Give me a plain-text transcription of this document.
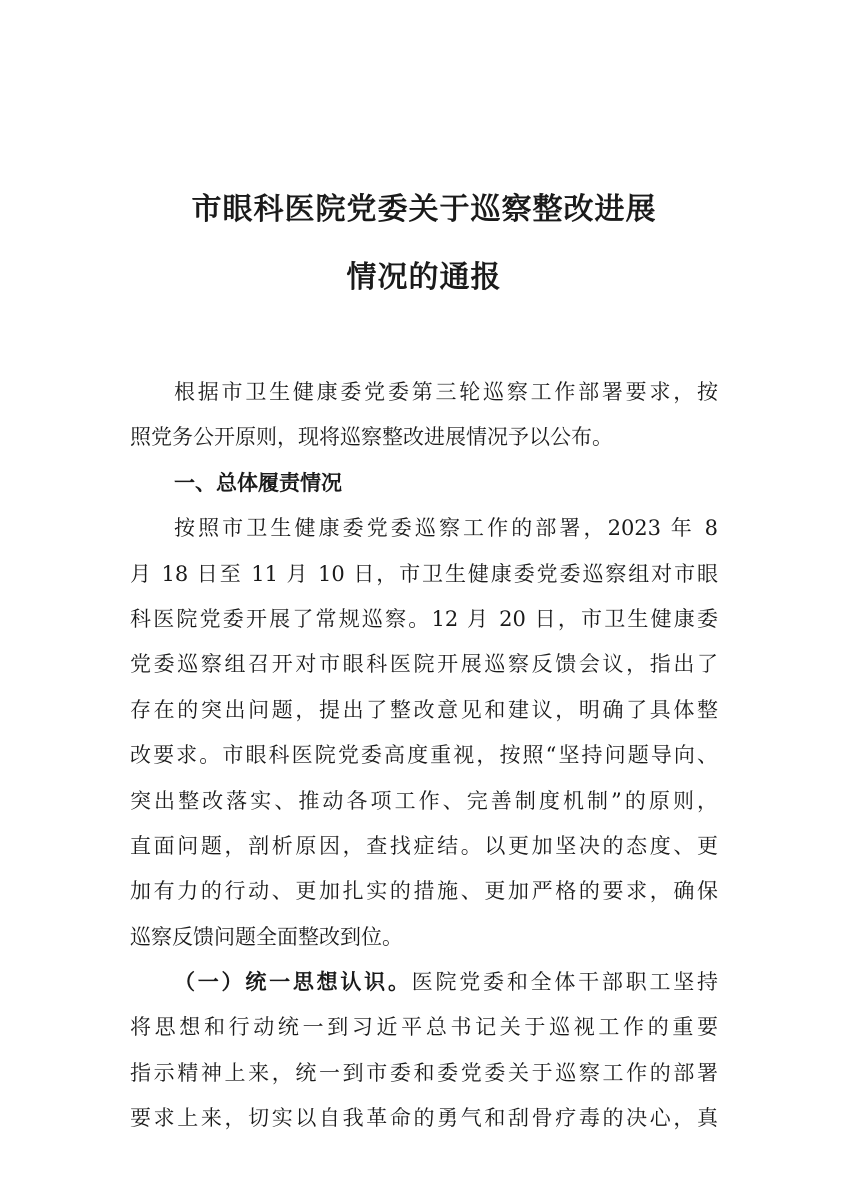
市眼科医院党委关于巡察整改进展
情况的通报
根据市卫生健康委党委第三轮巡察工作部署要求，按
照党务公开原则，现将巡察整改进展情况予以公布。
一、总体履责情况
按照市卫生健康委党委巡察工作的部署，2023 年 8
月 18 日至 11 月 10 日，市卫生健康委党委巡察组对市眼
科医院党委开展了常规巡察。12 月 20 日，市卫生健康委
党委巡察组召开对市眼科医院开展巡察反馈会议，指出了
存在的突出问题，提出了整改意见和建议，明确了具体整
改要求。市眼科医院党委高度重视，按照“坚持问题导向、
突出整改落实、推动各项工作、完善制度机制”的原则，
直面问题，剖析原因，查找症结。以更加坚决的态度、更
加有力的行动、更加扎实的措施、更加严格的要求，确保
巡察反馈问题全面整改到位。
（一）统一思想认识。医院党委和全体干部职工坚持
将思想和行动统一到习近平总书记关于巡视工作的重要
指示精神上来，统一到市委和委党委关于巡察工作的部署
要求上来，切实以自我革命的勇气和刮骨疗毒的决心，真
